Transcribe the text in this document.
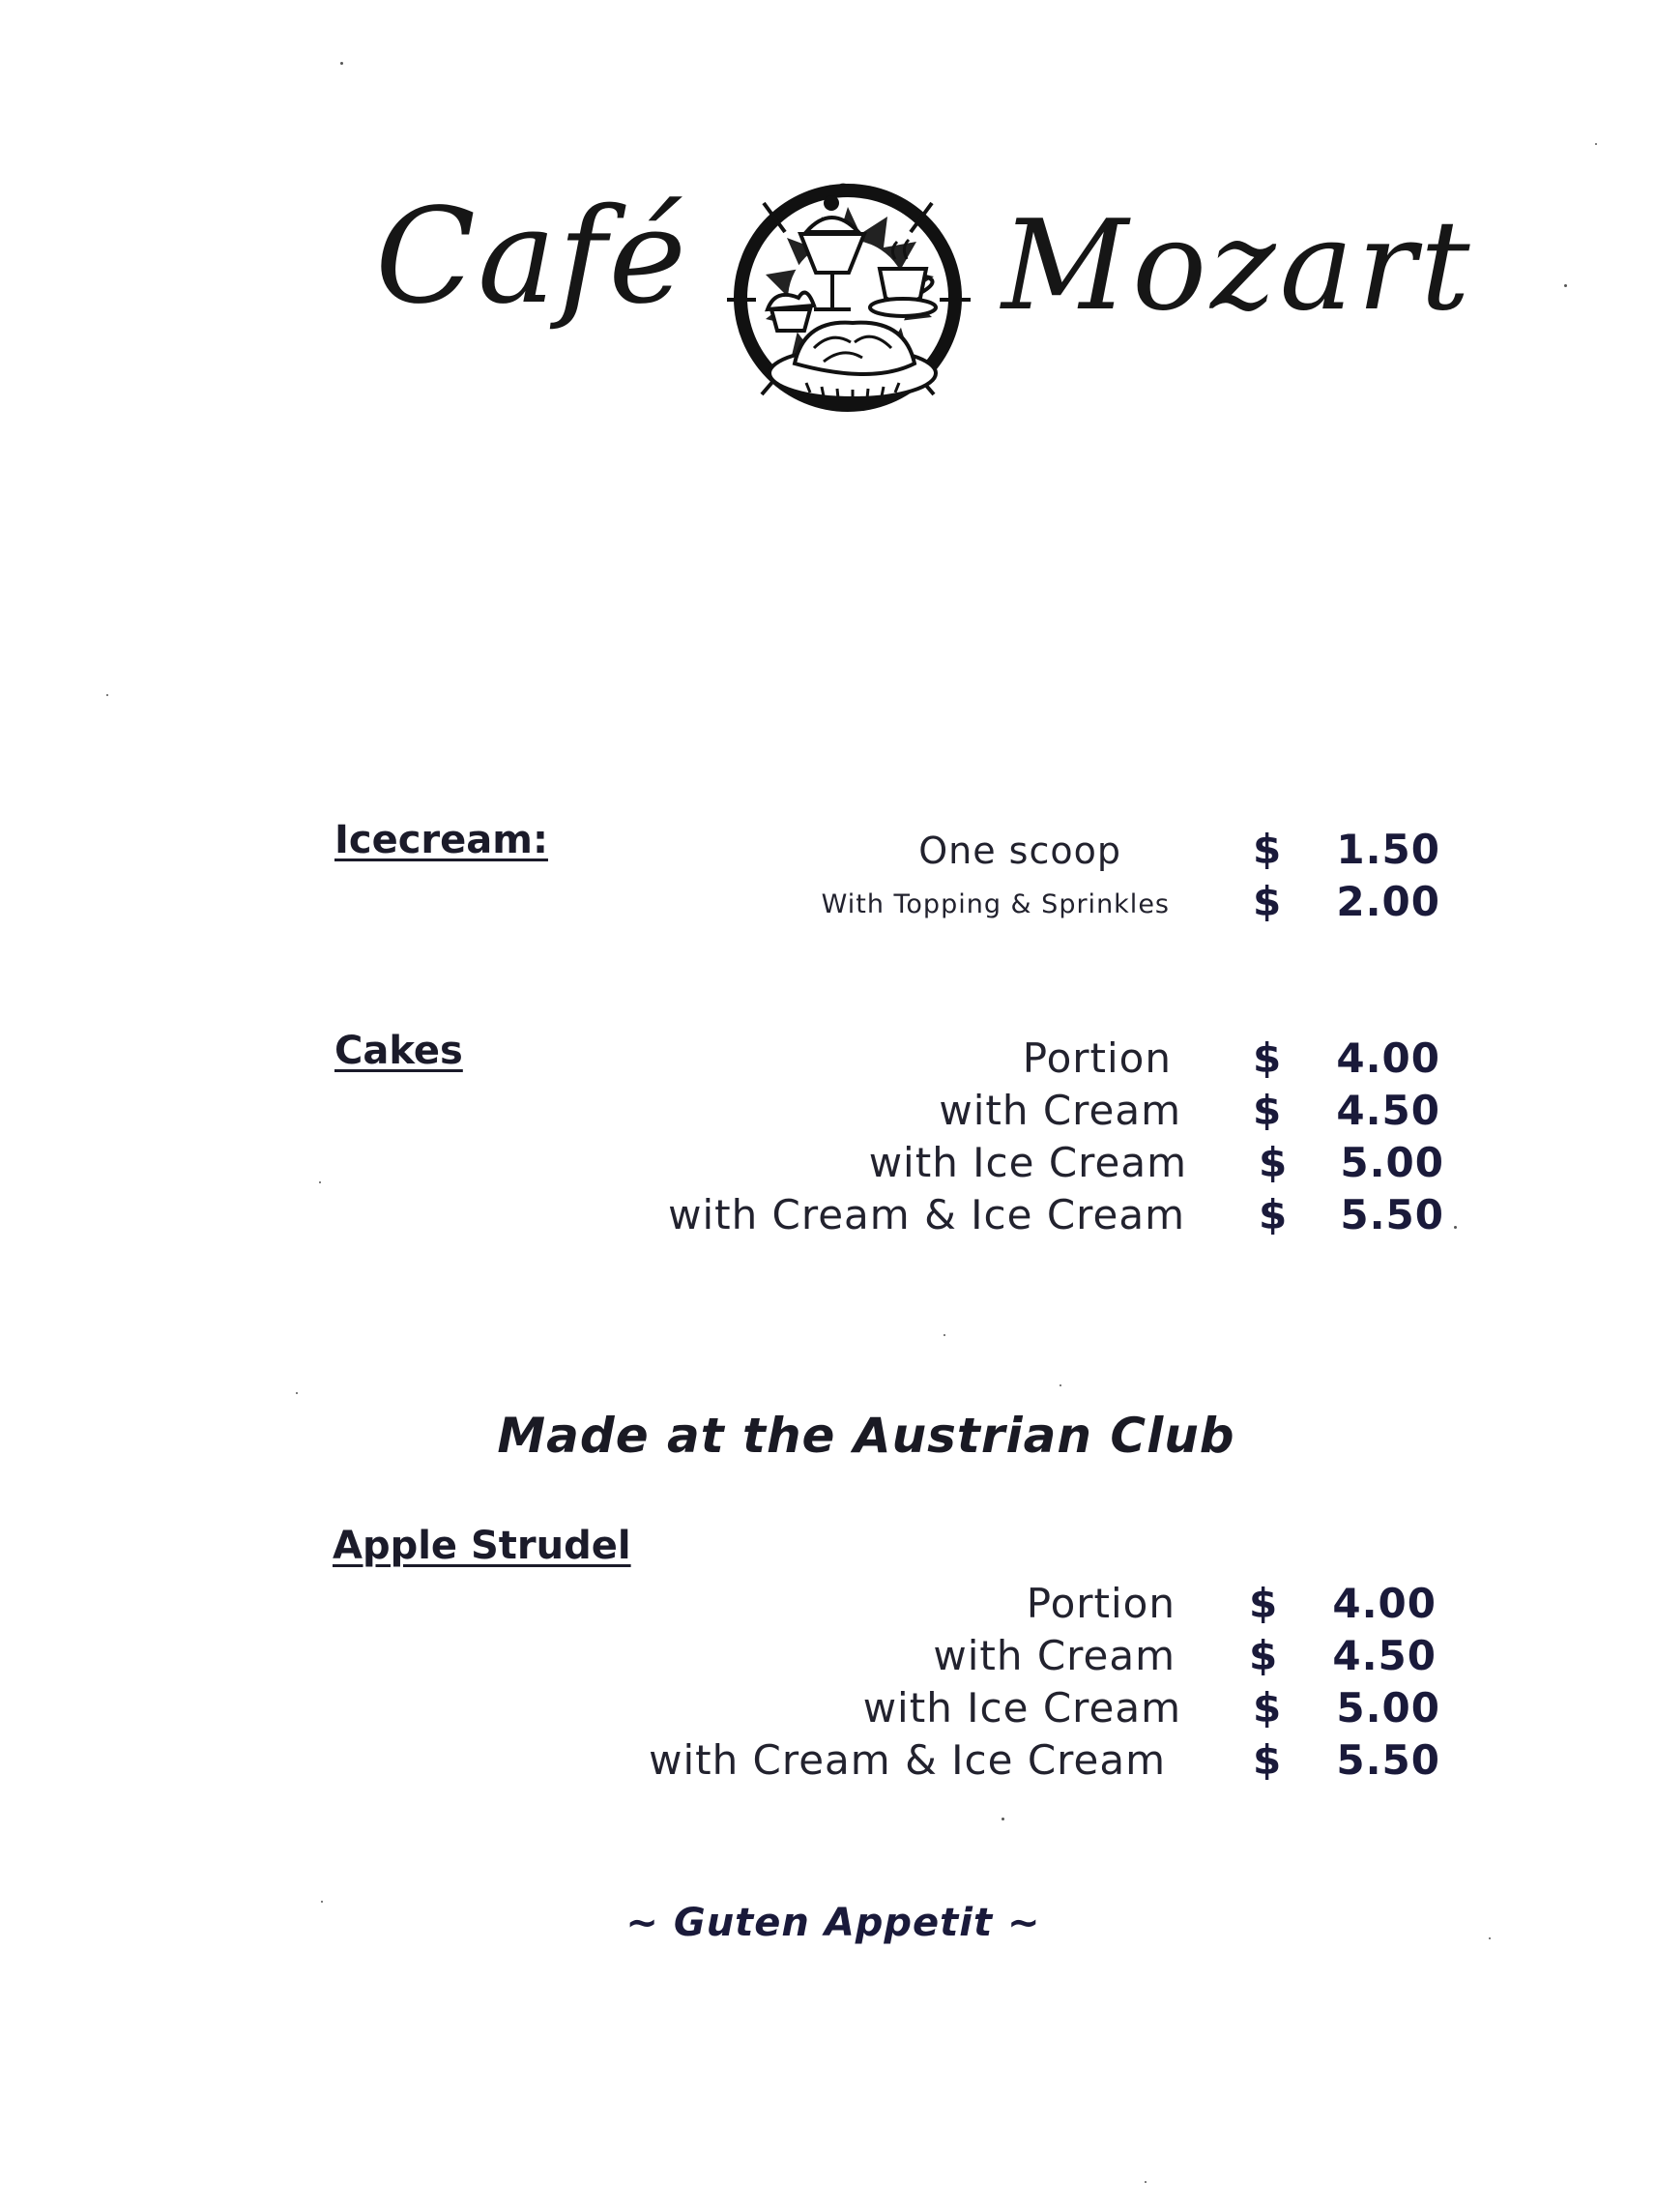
Café	Mozart
Icecream:	One scoop	$	1.50
With Topping & Sprinkles $	2.00
Cakes	Portion $	4.00
with Cream $	4.50
with Ice Cream $	5.00
with Cream & Ice Cream $	5.50
Made at the Austrian Club
Apple Strudel
Portion $	4.00
with Cream $	4.50
with Ice Cream $	5.00
with Cream & Ice Cream $	5.50
~ Guten Appetit ~
